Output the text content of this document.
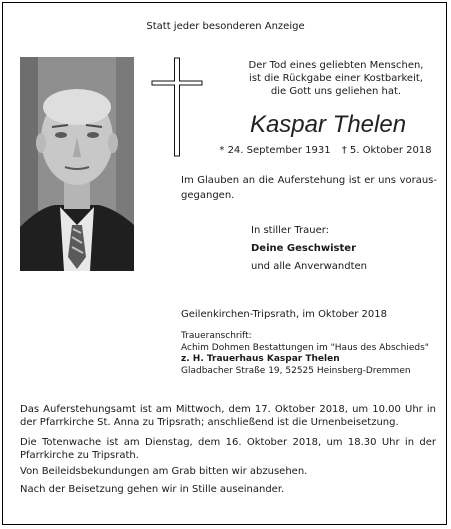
Statt jeder besonderen Anzeige
Der Tod eines geliebten Menschen,
ist die Rückgabe einer Kostbarkeit,
die Gott uns geliehen hat.
Kaspar Thelen
* 24. September 1931 † 5. Oktober 2018
Im Glauben an die Auferstehung ist er uns vorausgegangen.
In stiller Trauer:
Deine Geschwister
und alle Anverwandten
Geilenkirchen-Tripsrath, im Oktober 2018
Traueranschrift:
Achim Dohmen Bestattungen im "Haus des Abschieds"
z. H. Trauerhaus Kaspar Thelen
Gladbacher Straße 19, 52525 Heinsberg-Dremmen
Das Auferstehungsamt ist am Mittwoch, dem 17. Oktober 2018, um 10.00 Uhr in der Pfarrkirche St. Anna zu Tripsrath; anschließend ist die Urnenbeisetzung.
Die Totenwache ist am Dienstag, dem 16. Oktober 2018, um 18.30 Uhr in der Pfarrkirche zu Tripsrath.
Von Beileidsbekundungen am Grab bitten wir abzusehen.
Nach der Beisetzung gehen wir in Stille auseinander.
